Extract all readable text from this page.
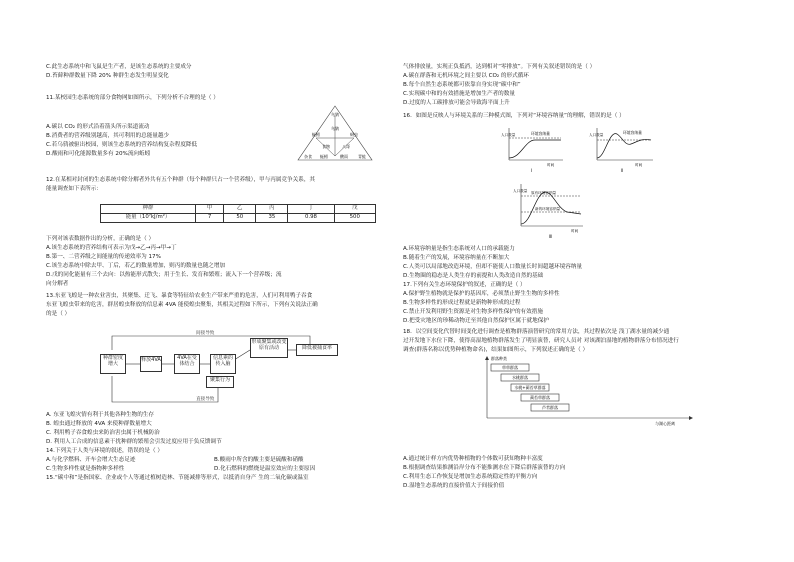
C.此生态系统中和飞鼠是生产者，是该生态系统的主要成分
D.苔藓种群数量下降 20% 种群生态发生明显变化
11.某校园生态系统的部分食物网如图所示，下列分析不合理的是（ ）
A.碳以 CO₂ 的形式沿着箭头所示渠道流动
B.消费者的营养级别越高，其可利用的总能量越少
C.若乌鸫被驱出校园，则该生态系统的营养结构复杂程度降低
D.酸雨和可化能源数量多有 20%流向蚯蚓
乌鸫
蚯蚓	蚜虫
乌鸫
食物	八哥
杂食 蚯蚓	酸雨	青蛙
12.在某相对封闭的生态系统中除分解者外共有五个种群（每个种群只占一个营养级），甲与丙属竞争关系，其
能量调查如下表所示：
种群	甲	乙	丙	丁	戊
能量（10⁷kJ/m²）	7	50	35	0.98	500
下列对该表数据作出的分析，正确的是（ ）
A.该生态系统的营养结构可表示为戊→乙→丙→甲→丁
B.第一、二营养级之间能量的传递效率为 17%
C.该生态系统中除去甲、丁后，若乙的数量增加，则丙的数量也随之增加
D.戊的同化能量有三个去向：以热能形式散失；用于生长、发育和繁殖；流入下一个营养级；流
向分解者
13.东亚飞蝗是一种农业害虫，其聚集、迁飞、暴食等特征给农业生产带来严重的危害，人们可利用鸭子吞食
东亚飞蝗虫带来的危害，群居蝗虫释放的信息素 4VA 能使蝗虫聚集，其相关过程如下所示，下列有关说法正确
的是（ ）
间接导致
直接导致
种群密度增大
释放4VA	4VA在受体结合
信息素的传入脑
形成聚集或改变原有活动	降低被捕食率
聚集行为
A. 东亚飞蝗灾情有利于其他各种生物的生存
B. 蝗虫通过释放的 4VA 来使种群数量增大
C. 利用鸭子吞食蝗虫来防治害虫属于机械防治
D. 利用人工合成的信息素干扰种群的繁殖会引发过度应用于负反馈调节
14.下列关于人类与环境的叙述，错误的是（ ）
A.与化学燃料、开车会增大生态足迹	B.酸雨中所含的酸主要是硫酸和硝酸
C.生物多样性就是指物种多样性	D.化石燃料的燃烧是温室效应的主要原因
15.“碳中和”是指国家、企业或个人等通过植树造林、节能减排等形式，以抵消自身产 生的二氧化碳或温室
气体排放量，实现正负抵消，达到相对“零排放”。下列有关叙述错误的是（ ）
A.碳在群落和无机环境之间主要以 CO₂ 的形式循环
B.每个自然生态系统都可依靠自身实现“碳中和”
C.实现碳中和的有效措施是增加生产者的数量
D.过度的人工碳排放可能会导致海平面上升
16．如图是反映人与环境关系的三种模式图，下列对“环境容纳量”的理解，错误的是（ ）
人口数量	环境容纳量
时间
Ⅰ
人口数量	环境容纳量
时间
Ⅱ
人口数量 原有环境容纳量
新的环境容纳量
时间
Ⅲ
A.环境容纳量是指生态系统对人口的承载能力
B.随着生产的发展，环境容纳量在不断加大
C.人类可以局部地改造环境，但却不能使人口数量长时间超越环境容纳量
D.生物圈的稳态是人类生存的前提和人类改造自然的基础
17.下列有关生态环境保护的叙述，正确的是（ ）
A.保护野生植物就是保护的基因库，必须禁止野生生物的多样性
B.生物多样性的形成过程就是新物种形成的过程
C.禁止开发利用野生资源是对生物多样性保护的有效措施
D.把受灾地区的珍稀动物迁至其他自然保护区属于就地保护
18．以空间变化代替时间变化进行调查是植物群落演替研究的常用方法，其过程依次是 浅丁湖水量的减少通
过开发地下水位下降，使得高湿地植物群落发生了明显演替，研究人员对 对该湖泊湿地的植物群落分布情况进行
调查(群落名称以优势种植物命名)，结果如图所示，下列叙述正确的是（ ）
群落种类
与湖心距离
草草群落
水桃群落
水桃+蔺苔草群落
蔺苔草群落
芦苇群落
A.通过统计样方内优势种植物的个体数可获知物种丰富度
B.根据调查结果推测沿岸分布不能推测水位下降后群落演替的方向
C.利用生态工作恢复是增加生态系统稳定性的平衡方向
D.湿地生态系统的直接价值大于间接价值
